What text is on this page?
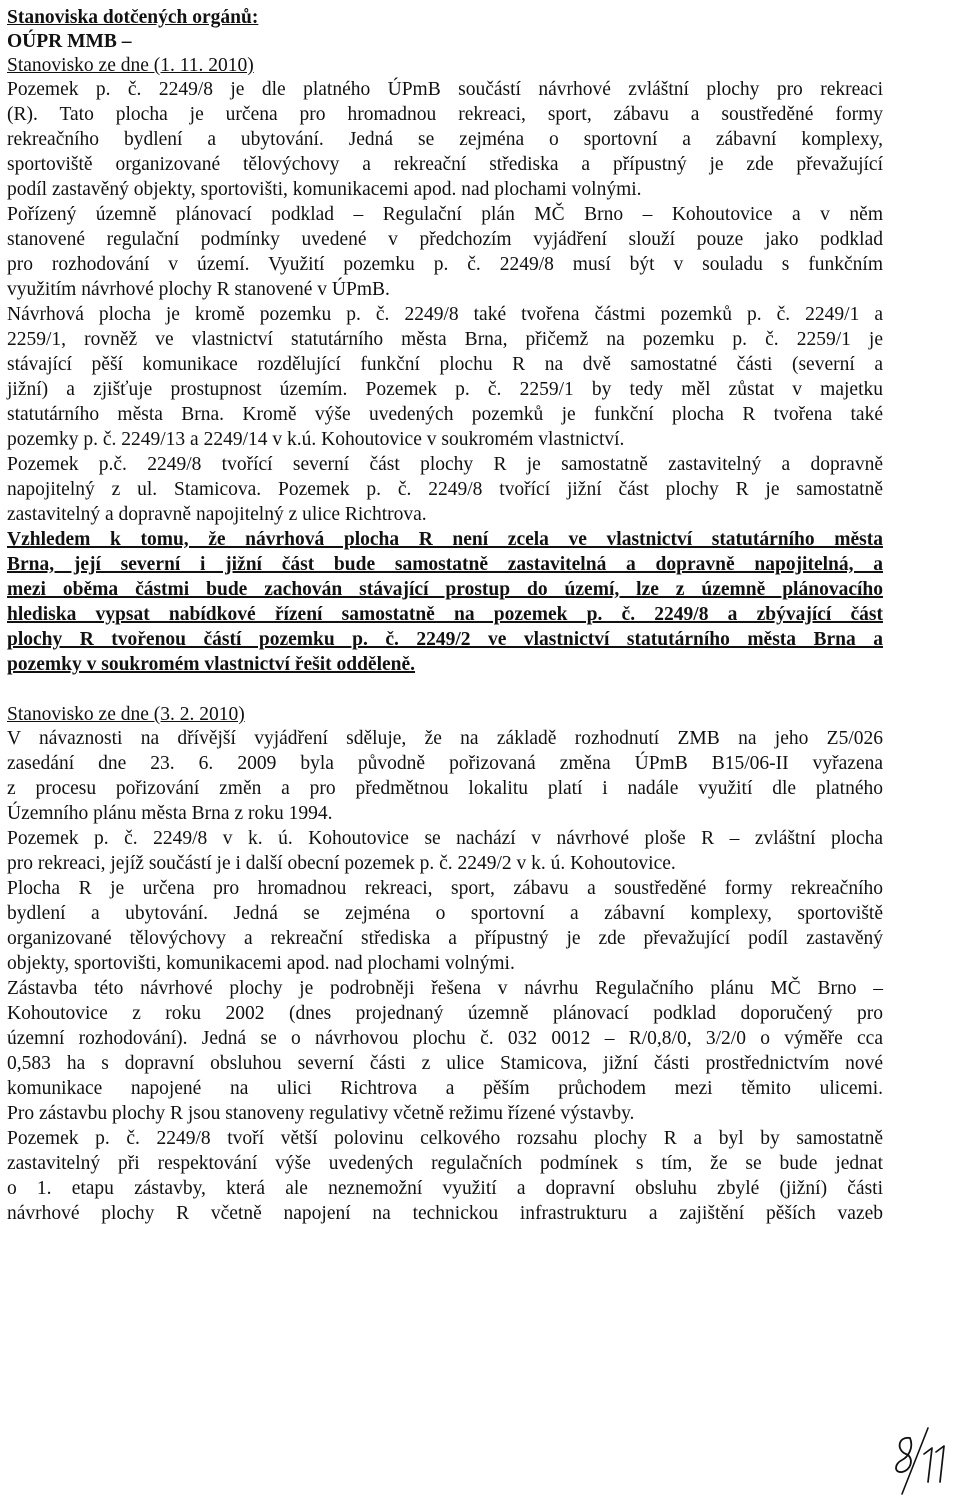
Stanoviska dotčených orgánů:
OÚPR MMB –
Stanovisko ze dne (1. 11. 2010)
Pozemek p. č. 2249/8 je dle platného ÚPmB součástí návrhové zvláštní plochy pro rekreaci
(R). Tato plocha je určena pro hromadnou rekreaci, sport, zábavu a soustředěné formy
rekreačního bydlení a ubytování. Jedná se zejména o sportovní a zábavní komplexy,
sportoviště organizované tělovýchovy a rekreační střediska a přípustný je zde převažující
podíl zastavěný objekty, sportovišti, komunikacemi apod. nad plochami volnými.
Pořízený územně plánovací podklad – Regulační plán MČ Brno – Kohoutovice a v něm
stanovené regulační podmínky uvedené v předchozím vyjádření slouží pouze jako podklad
pro rozhodování v území. Využití pozemku p. č. 2249/8 musí být v souladu s funkčním
využitím návrhové plochy R stanovené v ÚPmB.
Návrhová plocha je kromě pozemku p. č. 2249/8 také tvořena částmi pozemků p. č. 2249/1 a
2259/1, rovněž ve vlastnictví statutárního města Brna, přičemž na pozemku p. č. 2259/1 je
stávající pěší komunikace rozdělující funkční plochu R na dvě samostatné části (severní a
jižní) a zjišťuje prostupnost územím. Pozemek p. č. 2259/1 by tedy měl zůstat v majetku
statutárního města Brna. Kromě výše uvedených pozemků je funkční plocha R tvořena také
pozemky p. č. 2249/13 a 2249/14 v k.ú. Kohoutovice v soukromém vlastnictví.
Pozemek p.č. 2249/8 tvořící severní část plochy R je samostatně zastavitelný a dopravně
napojitelný z ul. Stamicova. Pozemek p. č. 2249/8 tvořící jižní část plochy R je samostatně
zastavitelný a dopravně napojitelný z ulice Richtrova.
Vzhledem k tomu, že návrhová plocha R není zcela ve vlastnictví statutárního města
Brna, její severní i jižní část bude samostatně zastavitelná a dopravně napojitelná, a
mezi oběma částmi bude zachován stávající prostup do území, lze z územně plánovacího
hlediska vypsat nabídkové řízení samostatně na pozemek p. č. 2249/8 a zbývající část
plochy R tvořenou částí pozemku p. č. 2249/2 ve vlastnictví statutárního města Brna a
pozemky v soukromém vlastnictví řešit odděleně.
Stanovisko ze dne (3. 2. 2010)
V návaznosti na dřívější vyjádření sděluje, že na základě rozhodnutí ZMB na jeho Z5/026
zasedání dne 23. 6. 2009 byla původně pořizovaná změna ÚPmB B15/06-II vyřazena
z procesu pořizování změn a pro předmětnou lokalitu platí i nadále využití dle platného
Územního plánu města Brna z roku 1994.
Pozemek p. č. 2249/8 v k. ú. Kohoutovice se nachází v návrhové ploše R – zvláštní plocha
pro rekreaci, jejíž součástí je i další obecní pozemek p. č. 2249/2 v k. ú. Kohoutovice.
Plocha R je určena pro hromadnou rekreaci, sport, zábavu a soustředěné formy rekreačního
bydlení a ubytování. Jedná se zejména o sportovní a zábavní komplexy, sportoviště
organizované tělovýchovy a rekreační střediska a přípustný je zde převažující podíl zastavěný
objekty, sportovišti, komunikacemi apod. nad plochami volnými.
Zástavba této návrhové plochy je podrobněji řešena v návrhu Regulačního plánu MČ Brno –
Kohoutovice z roku 2002 (dnes projednaný územně plánovací podklad doporučený pro
územní rozhodování). Jedná se o návrhovou plochu č. 032 0012 – R/0,8/0, 3/2/0 o výměře cca
0,583 ha s dopravní obsluhou severní části z ulice Stamicova, jižní části prostřednictvím nové
komunikace napojené na ulici Richtrova a pěším průchodem mezi těmito ulicemi.
Pro zástavbu plochy R jsou stanoveny regulativy včetně režimu řízené výstavby.
Pozemek p. č. 2249/8 tvoří větší polovinu celkového rozsahu plochy R a byl by samostatně
zastavitelný při respektování výše uvedených regulačních podmínek s tím, že se bude jednat
o 1. etapu zástavby, která ale neznemožní využití a dopravní obsluhu zbylé (jižní) části
návrhové plochy R včetně napojení na technickou infrastrukturu a zajištění pěších vazeb
